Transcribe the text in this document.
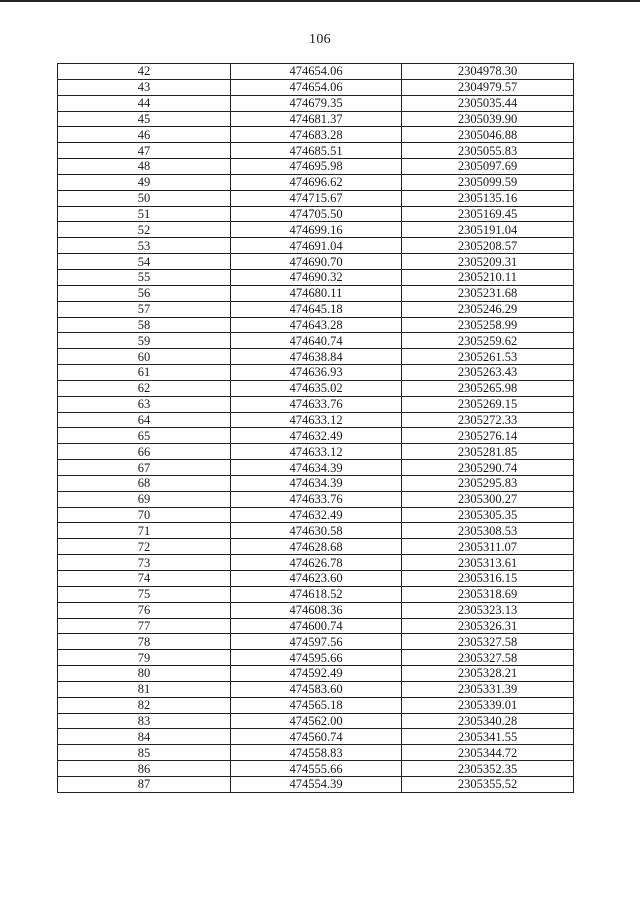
106
42	474654.06	2304978.30
43	474654.06	2304979.57
44	474679.35	2305035.44
45	474681.37	2305039.90
46	474683.28	2305046.88
47	474685.51	2305055.83
48	474695.98	2305097.69
49	474696.62	2305099.59
50	474715.67	2305135.16
51	474705.50	2305169.45
52	474699.16	2305191.04
53	474691.04	2305208.57
54	474690.70	2305209.31
55	474690.32	2305210.11
56	474680.11	2305231.68
57	474645.18	2305246.29
58	474643.28	2305258.99
59	474640.74	2305259.62
60	474638.84	2305261.53
61	474636.93	2305263.43
62	474635.02	2305265.98
63	474633.76	2305269.15
64	474633.12	2305272.33
65	474632.49	2305276.14
66	474633.12	2305281.85
67	474634.39	2305290.74
68	474634.39	2305295.83
69	474633.76	2305300.27
70	474632.49	2305305.35
71	474630.58	2305308.53
72	474628.68	2305311.07
73	474626.78	2305313.61
74	474623.60	2305316.15
75	474618.52	2305318.69
76	474608.36	2305323.13
77	474600.74	2305326.31
78	474597.56	2305327.58
79	474595.66	2305327.58
80	474592.49	2305328.21
81	474583.60	2305331.39
82	474565.18	2305339.01
83	474562.00	2305340.28
84	474560.74	2305341.55
85	474558.83	2305344.72
86	474555.66	2305352.35
87	474554.39	2305355.52
